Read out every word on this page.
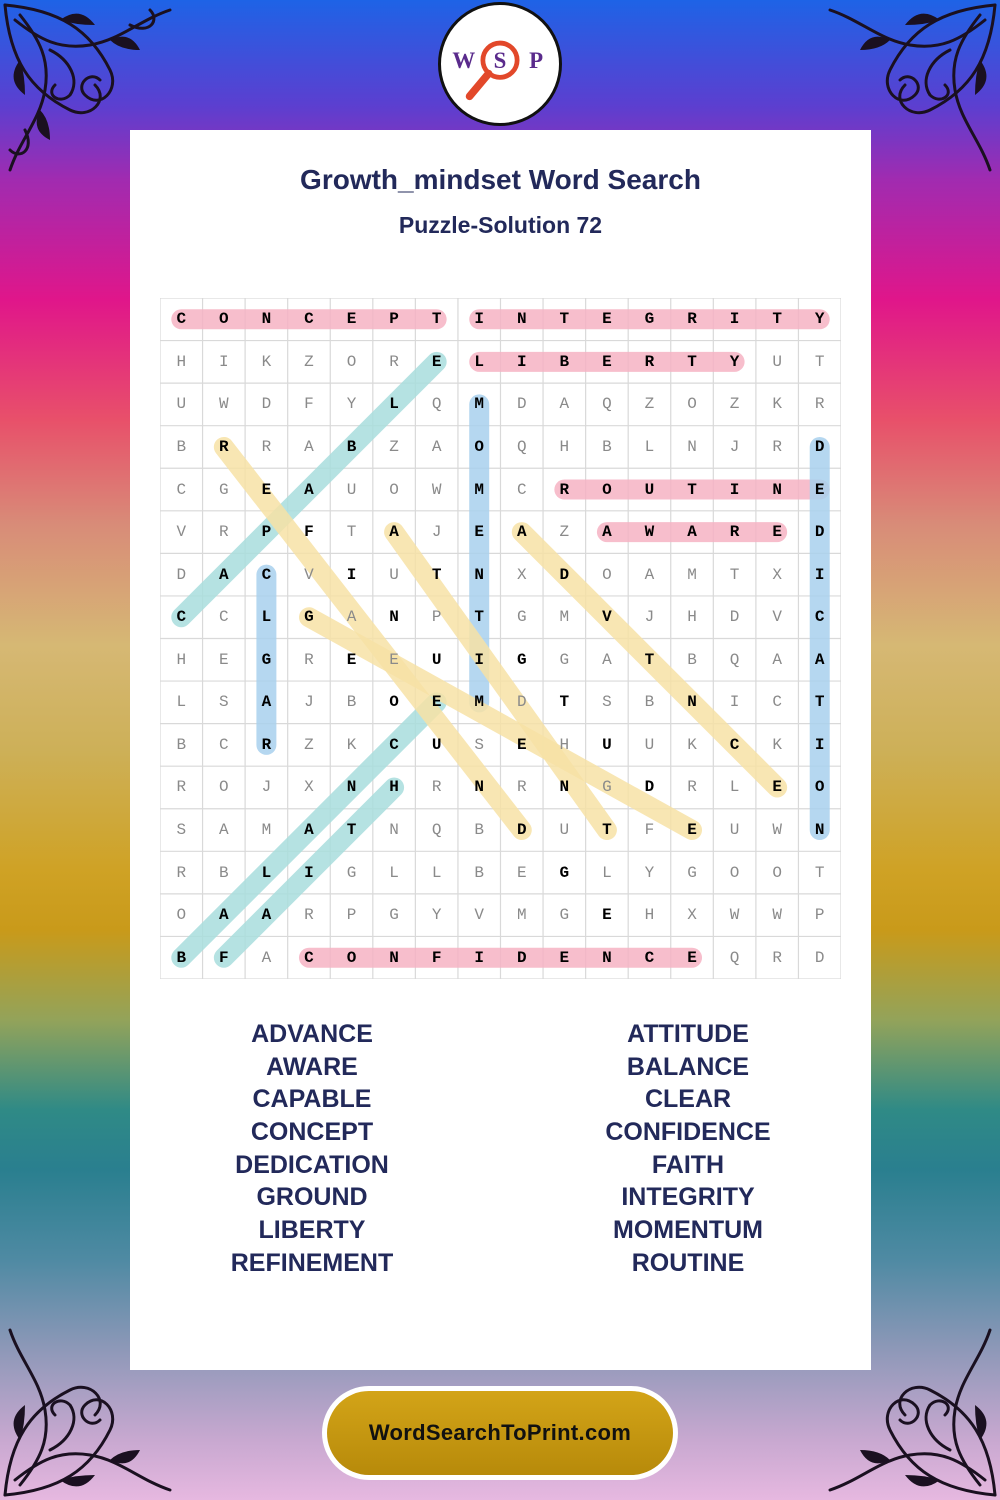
W S P
Growth_mindset Word Search
Puzzle-Solution 72
C	O	N	C	E	P	T	I	N	T	E	G	R	I	T	Y
H	I	K	Z	O	R	E	L	I	B	E	R	T	Y	U	T
U	W	D	F	Y	L	Q	M	D	A	Q	Z	O	Z	K	R
B	R	R	A	B	Z	A	O	Q	H	B	L	N	J	R	D
C	G	E	A	U	O	W	M	C	R	O	U	T	I	N	E
V	R	P	F	T	A	J	E	A	Z	A	W	A	R	E	D
D	A	C	V	I	U	T	N	X	D	O	A	M	T	X	I
C	C	L	G	A	N	P	T	G	M	V	J	H	D	V	C
H	E	G	R	E	E	U	I	G	G	A	T	B	Q	A	A
L	S	A	J	B	O	E	M	D	T	S	B	N	I	C	T
B	C	R	Z	K	C	U	S	E	H	U	U	K	C	K	I
R	O	J	X	N	H	R	N	R	N	G	D	R	L	E	O
S	A	M	A	T	N	Q	B	D	U	T	F	E	U	W	N
R	B	L	I	G	L	L	B	E	G	L	Y	G	O	O	T
O	A	A	R	P	G	Y	V	M	G	E	H	X	W	W	P
B	F	A	C	O	N	F	I	D	E	N	C	E	Q	R	D
ADVANCE
AWARE
CAPABLE
CONCEPT
DEDICATION
GROUND
LIBERTY
REFINEMENT
ATTITUDE
BALANCE
CLEAR
CONFIDENCE
FAITH
INTEGRITY
MOMENTUM
ROUTINE
WordSearchToPrint.com
